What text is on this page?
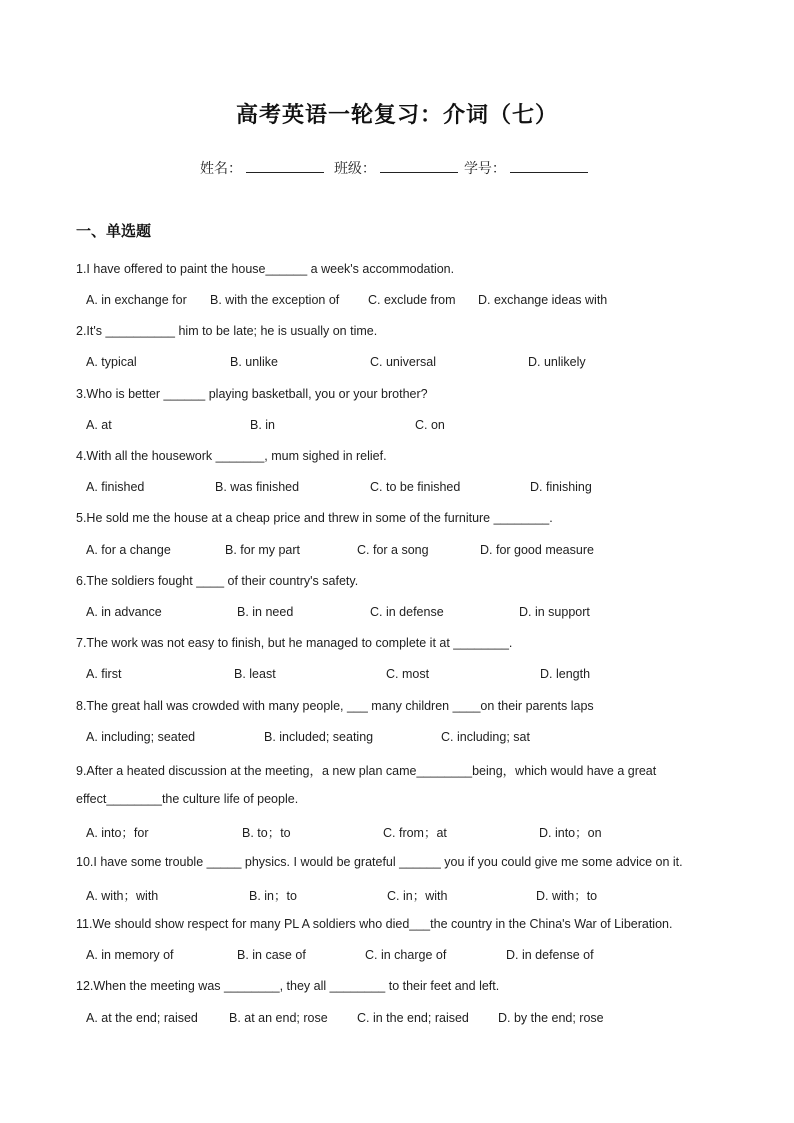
高考英语一轮复习：介词（七）
姓名：	班级：	学号：
一、单选题
1.I have offered to paint the house______ a week's accommodation.
A. in exchange for B. with the exception of C. exclude from D. exchange ideas with
2.It's __________ him to be late; he is usually on time.
A. typical	B. unlike	C. universal	D. unlikely
3.Who is better ______ playing basketball, you or your brother?
A. at	B. in	C. on
4.With all the housework _______, mum sighed in relief.
A. finished	B. was finished	C. to be finished	D. finishing
5.He sold me the house at a cheap price and threw in some of the furniture ________.
A. for a change	B. for my part	C. for a song	D. for good measure
6.The soldiers fought ____ of their country's safety.
A. in advance	B. in need	C. in defense	D. in support
7.The work was not easy to finish, but he managed to complete it at ________.
A. first	B. least	C. most	D. length
8.The great hall was crowded with many people, ___ many children ____on their parents laps
A. including; seated	B. included; seating	C. including; sat
9.After a heated discussion at the meeting，a new plan came________being，which would have a great
effect________the culture life of people.
A. into；for	B. to；to	C. from；at	D. into；on
10.I have some trouble _____ physics. I would be grateful ______ you if you could give me some advice on it.
A. with；with	B. in；to	C. in；with	D. with；to
11.We should show respect for many PL A soldiers who died___the country in the China's War of Liberation.
A. in memory of	B. in case of	C. in charge of	D. in defense of
12.When the meeting was ________, they all ________ to their feet and left.
A. at the end; raised B. at an end; rose C. in the end; raised D. by the end; rose
